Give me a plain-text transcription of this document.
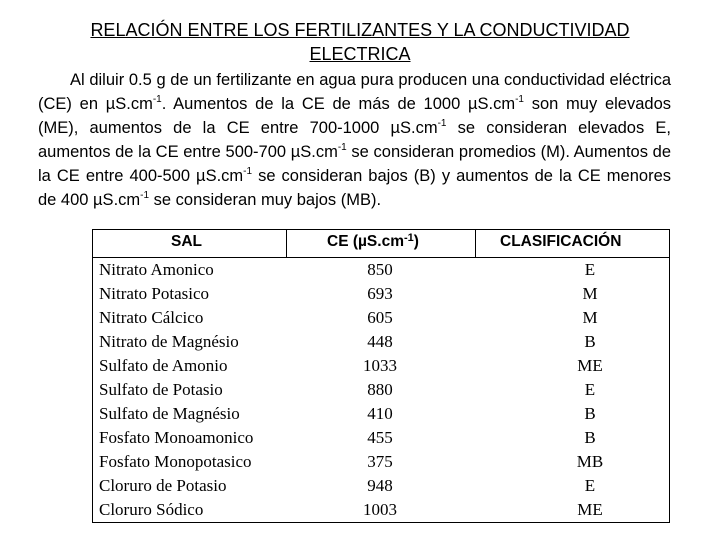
RELACIÓN ENTRE LOS FERTILIZANTES Y LA CONDUCTIVIDAD ELECTRICA

Al diluir 0.5 g de un fertilizante en agua pura producen una conductividad eléctrica (CE) en $\mu S.cm^{-1}$. Aumentos de la CE de más de 1000 $\mu S.cm^{-1}$ son muy elevados (ME), aumentos de la CE entre 700-1000 $\mu S.cm^{-1}$ se consideran elevados E, aumentos de la CE entre 500-700 $\mu S.cm^{-1}$ se consideran promedios (M). Aumentos de la CE entre 400-500 $\mu S.cm^{-1}$ se consideran bajos (B) y aumentos de la CE menores de 400 $\mu S.cm^{-1}$ se consideran muy bajos (MB).

SAL	CE $(\mu S.cm^{-1})$	CLASIFICACIÓN
Nitrato Amonico	850	E
Nitrato Potasico	693	M
Nitrato Cálcico	605	M
Nitrato de Magnésio	448	B
Sulfato de Amonio	1033	ME
Sulfato de Potasio	880	E
Sulfato de Magnésio	410	B
Fosfato Monoamonico	455	B
Fosfato Monopotasico	375	MB
Cloruro de Potasio	948	E
Cloruro Sódico	1003	ME
